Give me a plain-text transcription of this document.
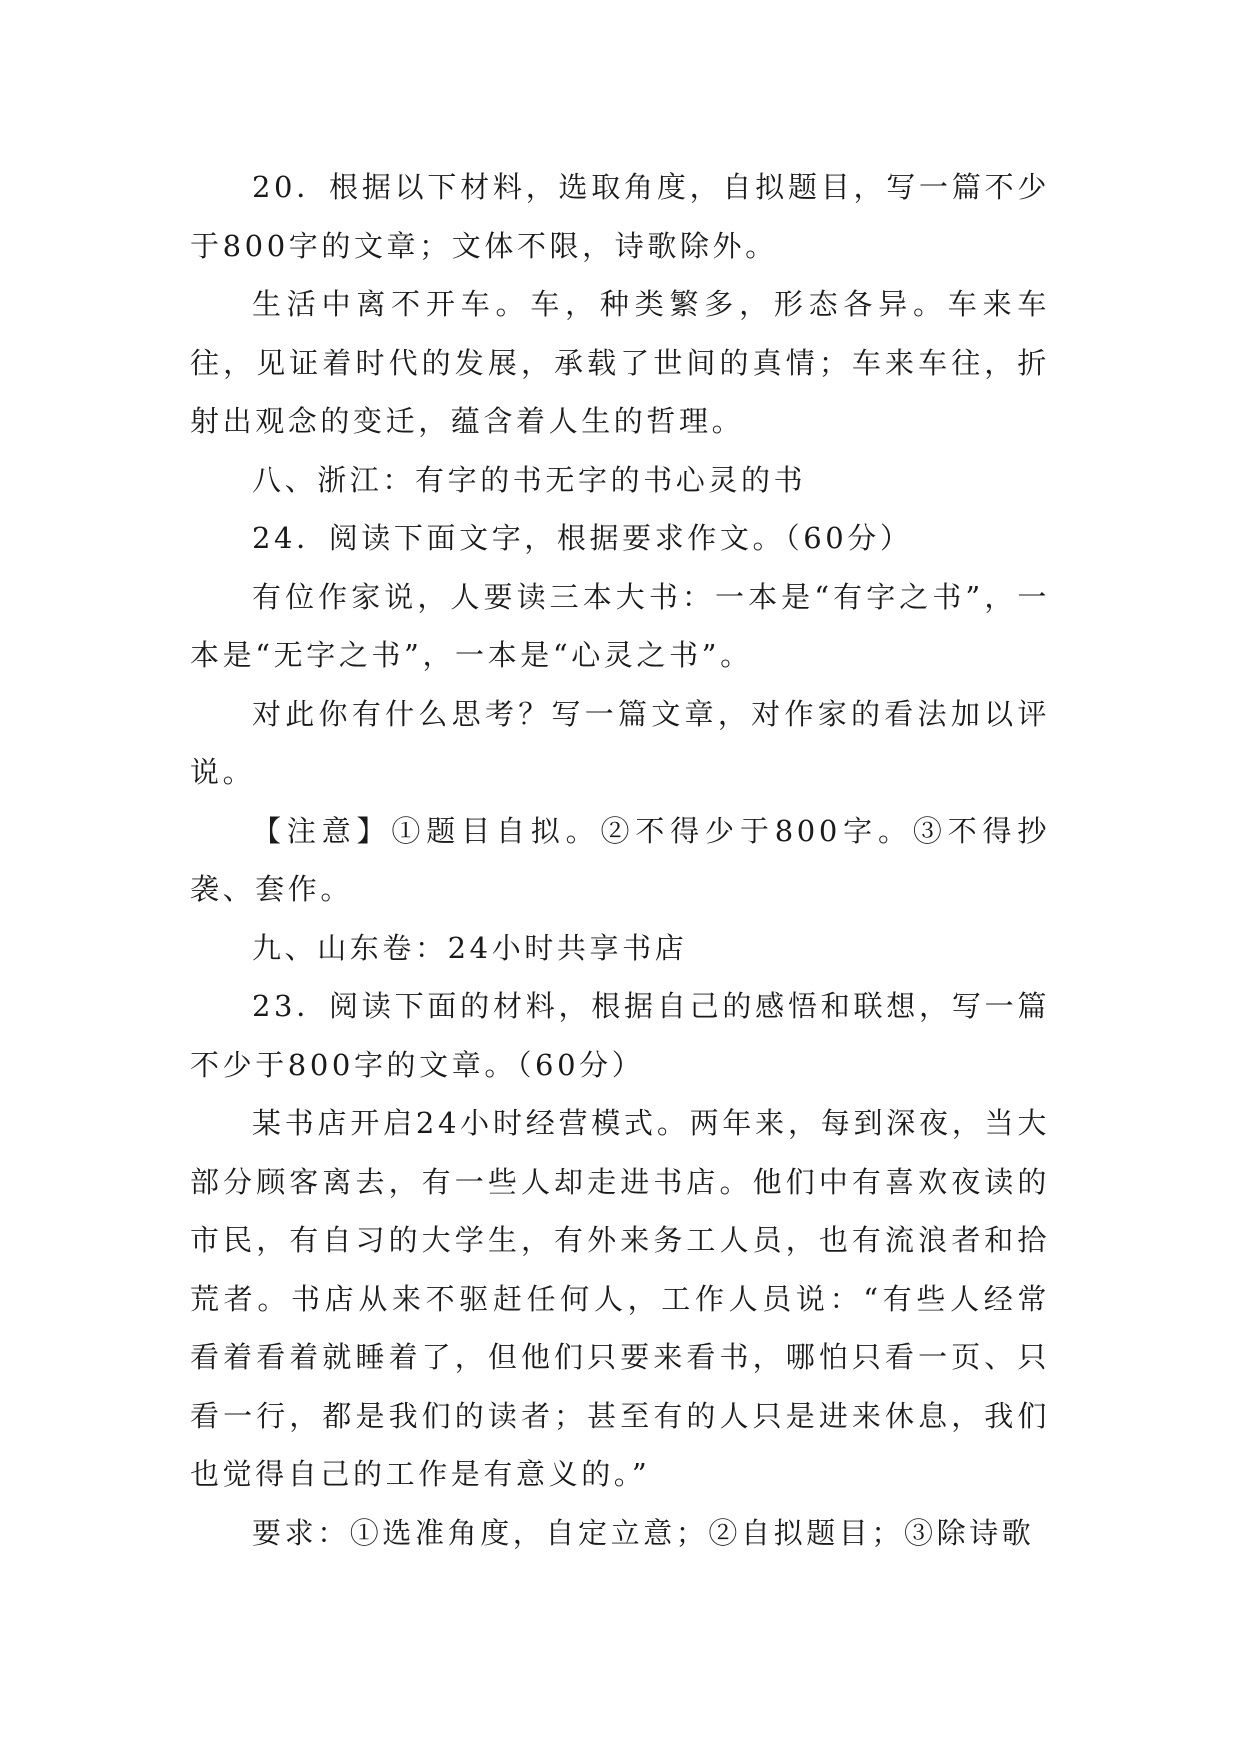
20．根据以下材料，选取角度，自拟题目，写一篇不少于800字的文章；文体不限，诗歌除外。

生活中离不开车。车，种类繁多，形态各异。车来车往，见证着时代的发展，承载了世间的真情；车来车往，折射出观念的变迁，蕴含着人生的哲理。

八、浙江：有字的书无字的书心灵的书

24．阅读下面文字，根据要求作文。（60分）

有位作家说，人要读三本大书：一本是“有字之书”，一本是“无字之书”，一本是“心灵之书”。

对此你有什么思考？写一篇文章，对作家的看法加以评说。

【注意】①题目自拟。②不得少于800字。③不得抄袭、套作。

九、山东卷：24小时共享书店

23．阅读下面的材料，根据自己的感悟和联想，写一篇不少于800字的文章。（60分）

某书店开启24小时经营模式。两年来，每到深夜，当大部分顾客离去，有一些人却走进书店。他们中有喜欢夜读的市民，有自习的大学生，有外来务工人员，也有流浪者和拾荒者。书店从来不驱赶任何人，工作人员说：“有些人经常看着看着就睡着了，但他们只要来看书，哪怕只看一页、只看一行，都是我们的读者；甚至有的人只是进来休息，我们也觉得自己的工作是有意义的。”

要求：①选准角度，自定立意；②自拟题目；③除诗歌
